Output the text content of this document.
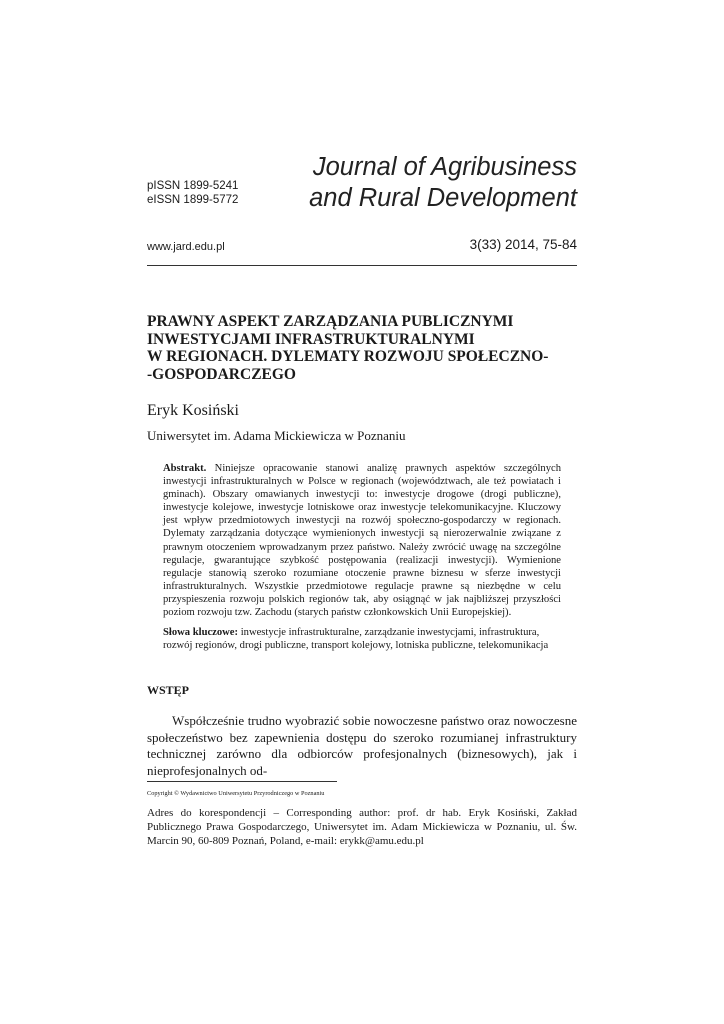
pISSN 1899-5241
eISSN 1899-5772
Journal of Agribusiness
and Rural Development
www.jard.edu.pl	3(33) 2014, 75-84
PRAWNY ASPEKT ZARZĄDZANIA PUBLICZNYMI
INWESTYCJAMI INFRASTRUKTURALNYMI
W REGIONACH. DYLEMATY ROZWOJU SPOŁECZNO-
-GOSPODARCZEGO
Eryk Kosiński
Uniwersytet im. Adama Mickiewicza w Poznaniu

Abstrakt. Niniejsze opracowanie stanowi analizę prawnych aspektów szczególnych inwestycji infrastrukturalnych w Polsce w regionach (województwach, ale też powiatach i gminach). Obszary omawianych inwestycji to: inwestycje drogowe (drogi publiczne), inwestycje kolejowe, inwestycje lotniskowe oraz inwestycje telekomunikacyjne. Kluczowy jest wpływ przedmiotowych inwestycji na rozwój społeczno-gospodarczy w regionach. Dylematy zarządzania dotyczące wymienionych inwestycji są nierozerwalnie związane z prawnym otoczeniem wprowadzanym przez państwo. Należy zwrócić uwagę na szczególne regulacje, gwarantujące szybkość postępowania (realizacji inwestycji). Wymienione regulacje stanowią szeroko rozumiane otoczenie prawne biznesu w sferze inwestycji infrastrukturalnych. Wszystkie przedmiotowe regulacje prawne są niezbędne w celu przyspieszenia rozwoju polskich regionów tak, aby osiągnąć w jak najbliższej przyszłości poziom rozwoju tzw. Zachodu (starych państw członkowskich Unii Europejskiej).

Słowa kluczowe: inwestycje infrastrukturalne, zarządzanie inwestycjami, infrastruktura, rozwój regionów, drogi publiczne, transport kolejowy, lotniska publiczne, telekomunikacja

WSTĘP

Współcześnie trudno wyobrazić sobie nowoczesne państwo oraz nowoczesne społeczeństwo bez zapewnienia dostępu do szeroko rozumianej infrastruktury technicznej zarówno dla odbiorców profesjonalnych (biznesowych), jak i nieprofesjonalnych od-

Copyright © Wydawnictwo Uniwersytetu Przyrodniczego w Poznaniu

Adres do korespondencji – Corresponding author: prof. dr hab. Eryk Kosiński, Zakład Publicznego Prawa Gospodarczego, Uniwersytet im. Adam Mickiewicza w Poznaniu, ul. Św. Marcin 90, 60-809 Poznań, Poland, e-mail: erykk@amu.edu.pl
